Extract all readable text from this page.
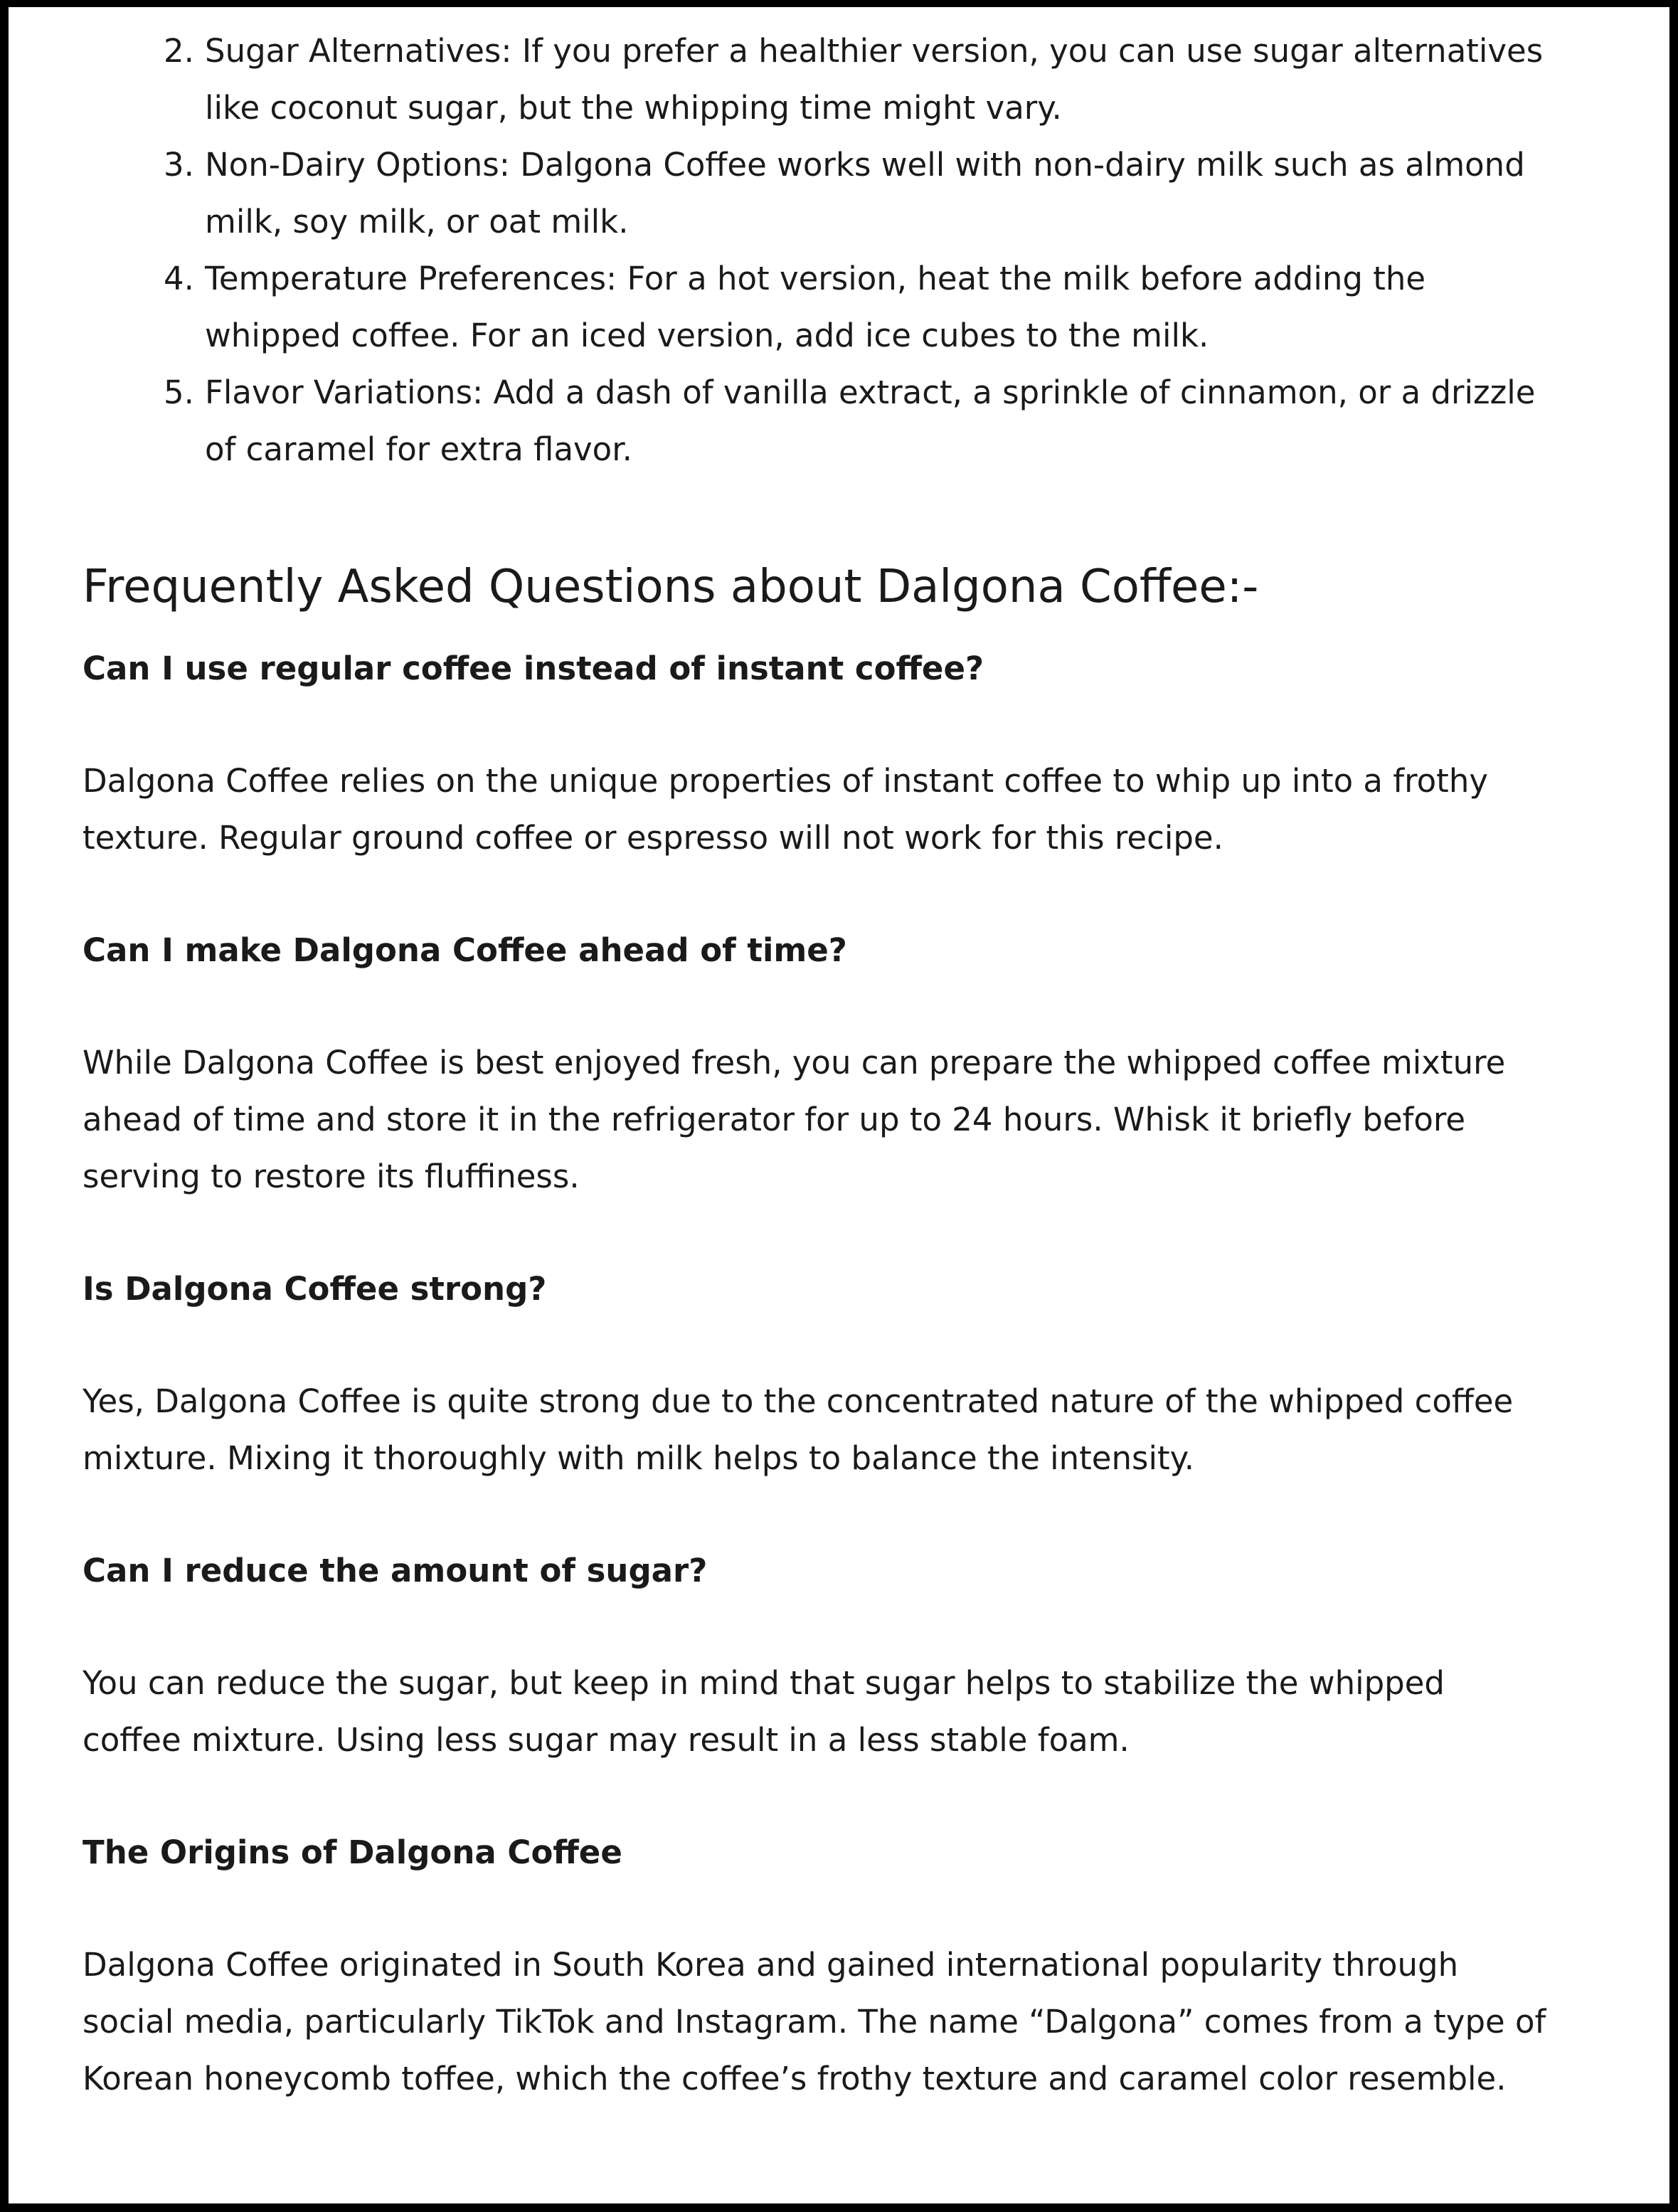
2. Sugar Alternatives: If you prefer a healthier version, you can use sugar alternatives
like coconut sugar, but the whipping time might vary.
3. Non-Dairy Options: Dalgona Coffee works well with non-dairy milk such as almond
milk, soy milk, or oat milk.
4. Temperature Preferences: For a hot version, heat the milk before adding the
whipped coffee. For an iced version, add ice cubes to the milk.
5. Flavor Variations: Add a dash of vanilla extract, a sprinkle of cinnamon, or a drizzle
of caramel for extra flavor.
Frequently Asked Questions about Dalgona Coffee:-
Can I use regular coffee instead of instant coffee?

Dalgona Coffee relies on the unique properties of instant coffee to whip up into a frothy
texture. Regular ground coffee or espresso will not work for this recipe.

Can I make Dalgona Coffee ahead of time?

While Dalgona Coffee is best enjoyed fresh, you can prepare the whipped coffee mixture
ahead of time and store it in the refrigerator for up to 24 hours. Whisk it briefly before
serving to restore its fluffiness.

Is Dalgona Coffee strong?

Yes, Dalgona Coffee is quite strong due to the concentrated nature of the whipped coffee
mixture. Mixing it thoroughly with milk helps to balance the intensity.

Can I reduce the amount of sugar?

You can reduce the sugar, but keep in mind that sugar helps to stabilize the whipped
coffee mixture. Using less sugar may result in a less stable foam.

The Origins of Dalgona Coffee

Dalgona Coffee originated in South Korea and gained international popularity through
social media, particularly TikTok and Instagram. The name “Dalgona” comes from a type of
Korean honeycomb toffee, which the coffee’s frothy texture and caramel color resemble.
